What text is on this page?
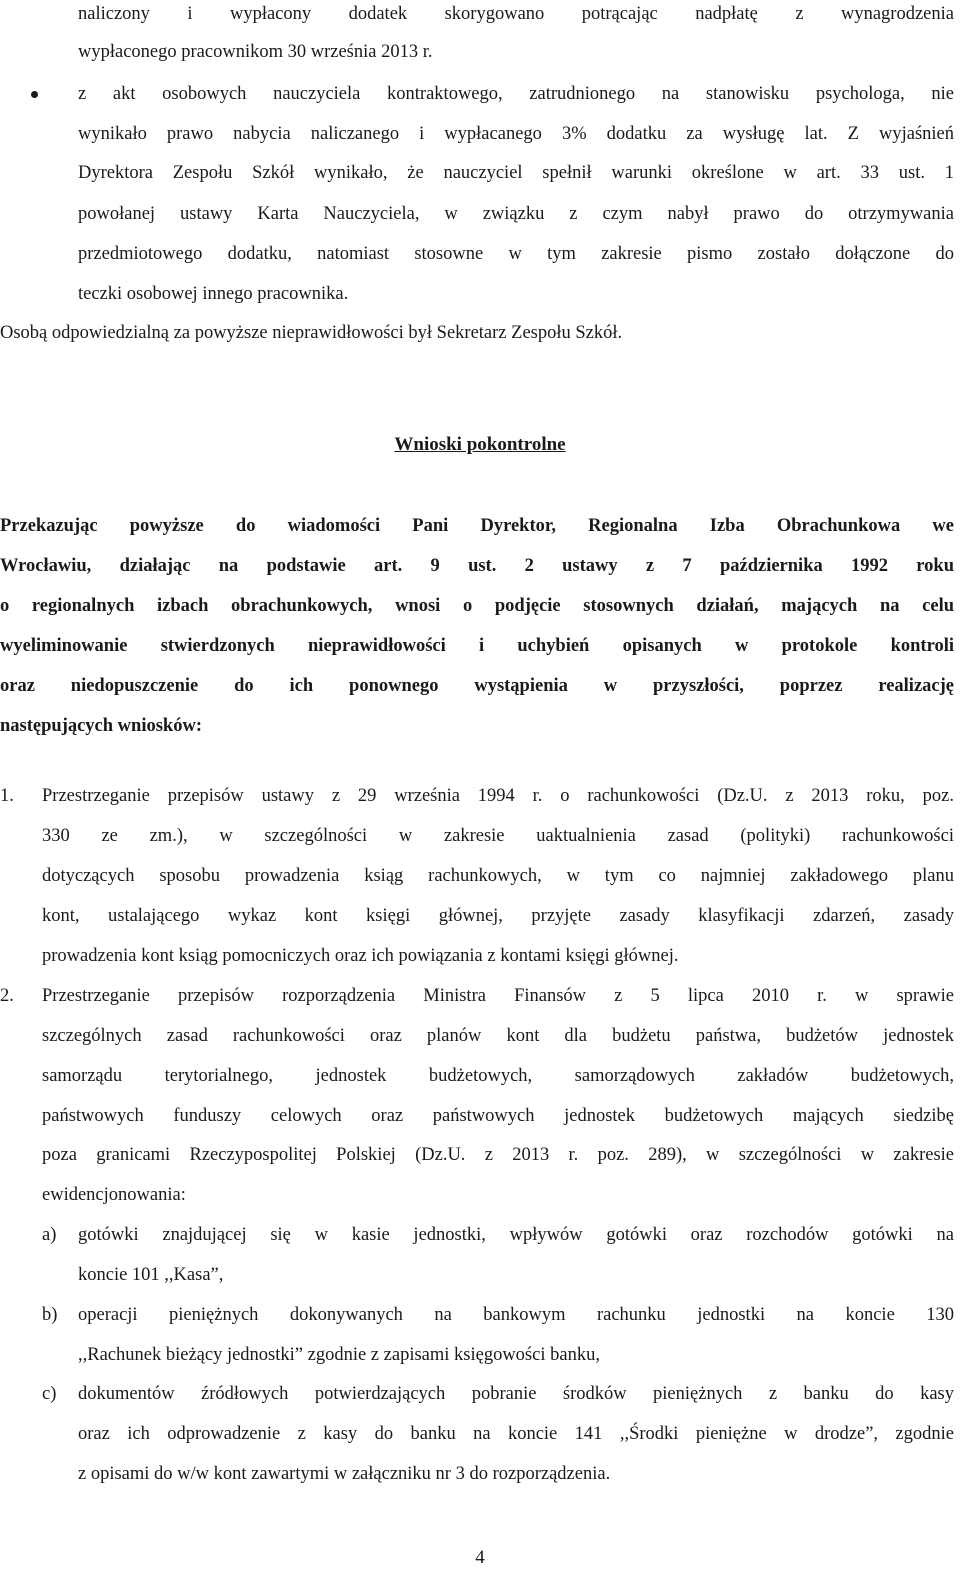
naliczony i wypłacony dodatek skorygowano potrącając nadpłatę z wynagrodzenia
wypłaconego pracownikom 30 września 2013 r.
z akt osobowych nauczyciela kontraktowego, zatrudnionego na stanowisku psychologa, nie
wynikało prawo nabycia naliczanego i wypłacanego 3% dodatku za wysługę lat. Z wyjaśnień
Dyrektora Zespołu Szkół wynikało, że nauczyciel spełnił warunki określone w art. 33 ust. 1
powołanej ustawy Karta Nauczyciela, w związku z czym nabył prawo do otrzymywania
przedmiotowego dodatku, natomiast stosowne w tym zakresie pismo zostało dołączone do
teczki osobowej innego pracownika.
Osobą odpowiedzialną za powyższe nieprawidłowości był Sekretarz Zespołu Szkół.
Wnioski pokontrolne
Przekazując powyższe do wiadomości Pani Dyrektor, Regionalna Izba Obrachunkowa we
Wrocławiu, działając na podstawie art. 9 ust. 2 ustawy z 7 października 1992 roku
o regionalnych izbach obrachunkowych, wnosi o podjęcie stosownych działań, mających na celu
wyeliminowanie stwierdzonych nieprawidłowości i uchybień opisanych w protokole kontroli
oraz niedopuszczenie do ich ponownego wystąpienia w przyszłości, poprzez realizację
następujących wniosków:
1. Przestrzeganie przepisów ustawy z 29 września 1994 r. o rachunkowości (Dz.U. z 2013 roku, poz.
330 ze zm.), w szczególności w zakresie uaktualnienia zasad (polityki) rachunkowości
dotyczących sposobu prowadzenia ksiąg rachunkowych, w tym co najmniej zakładowego planu
kont, ustalającego wykaz kont księgi głównej, przyjęte zasady klasyfikacji zdarzeń, zasady
prowadzenia kont ksiąg pomocniczych oraz ich powiązania z kontami księgi głównej.
2. Przestrzeganie przepisów rozporządzenia Ministra Finansów z 5 lipca 2010 r. w sprawie
szczególnych zasad rachunkowości oraz planów kont dla budżetu państwa, budżetów jednostek
samorządu terytorialnego, jednostek budżetowych, samorządowych zakładów budżetowych,
państwowych funduszy celowych oraz państwowych jednostek budżetowych mających siedzibę
poza granicami Rzeczypospolitej Polskiej (Dz.U. z 2013 r. poz. 289), w szczególności w zakresie
ewidencjonowania:
a) gotówki znajdującej się w kasie jednostki, wpływów gotówki oraz rozchodów gotówki na
koncie 101 ,,Kasa”,
b) operacji pieniężnych dokonywanych na bankowym rachunku jednostki na koncie 130
,,Rachunek bieżący jednostki” zgodnie z zapisami księgowości banku,
c) dokumentów źródłowych potwierdzających pobranie środków pieniężnych z banku do kasy
oraz ich odprowadzenie z kasy do banku na koncie 141 ,,Środki pieniężne w drodze”, zgodnie
z opisami do w/w kont zawartymi w załączniku nr 3 do rozporządzenia.
4
